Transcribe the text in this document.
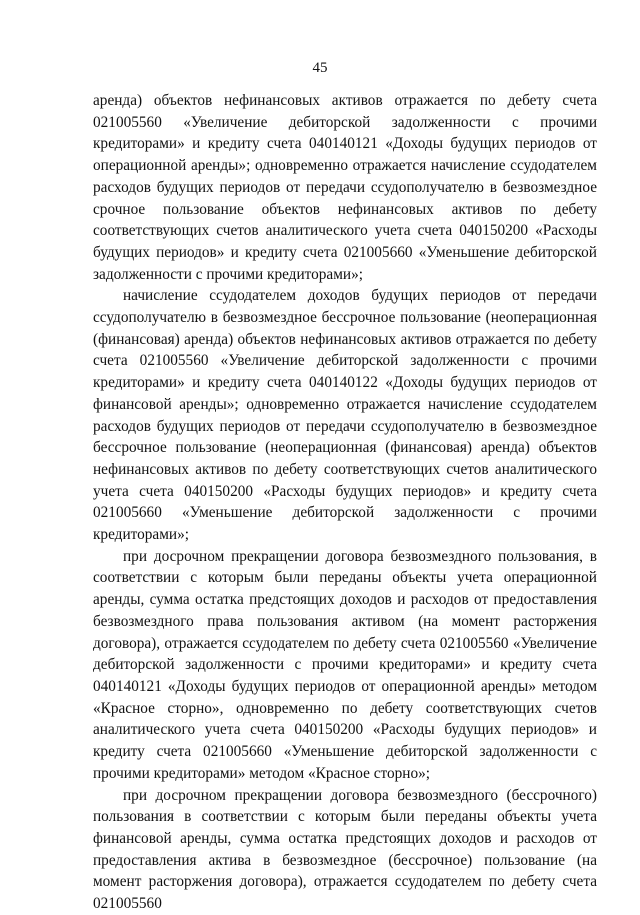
45

аренда) объектов нефинансовых активов отражается по дебету счета 021005560 «Увеличение дебиторской задолженности с прочими кредиторами» и кредиту счета 040140121 «Доходы будущих периодов от операционной аренды»; одновременно отражается начисление ссудодателем расходов будущих периодов от передачи ссудополучателю в безвозмездное срочное пользование объектов нефинансовых активов по дебету соответствующих счетов аналитического учета счета 040150200 «Расходы будущих периодов» и кредиту счета 021005660 «Уменьшение дебиторской задолженности с прочими кредиторами»;

начисление ссудодателем доходов будущих периодов от передачи ссудополучателю в безвозмездное бессрочное пользование (неоперационная (финансовая) аренда) объектов нефинансовых активов отражается по дебету счета 021005560 «Увеличение дебиторской задолженности с прочими кредиторами» и кредиту счета 040140122 «Доходы будущих периодов от финансовой аренды»; одновременно отражается начисление ссудодателем расходов будущих периодов от передачи ссудополучателю в безвозмездное бессрочное пользование (неоперационная (финансовая) аренда) объектов нефинансовых активов по дебету соответствующих счетов аналитического учета счета 040150200 «Расходы будущих периодов» и кредиту счета 021005660 «Уменьшение дебиторской задолженности с прочими кредиторами»;

при досрочном прекращении договора безвозмездного пользования, в соответствии с которым были переданы объекты учета операционной аренды, сумма остатка предстоящих доходов и расходов от предоставления безвозмездного права пользования активом (на момент расторжения договора), отражается ссудодателем по дебету счета 021005560 «Увеличение дебиторской задолженности с прочими кредиторами» и кредиту счета 040140121 «Доходы будущих периодов от операционной аренды» методом «Красное сторно», одновременно по дебету соответствующих счетов аналитического учета счета 040150200 «Расходы будущих периодов» и кредиту счета 021005660 «Уменьшение дебиторской задолженности с прочими кредиторами» методом «Красное сторно»;

при досрочном прекращении договора безвозмездного (бессрочного) пользования в соответствии с которым были переданы объекты учета финансовой аренды, сумма остатка предстоящих доходов и расходов от предоставления актива в безвозмездное (бессрочное) пользование (на момент расторжения договора), отражается ссудодателем по дебету счета 021005560
